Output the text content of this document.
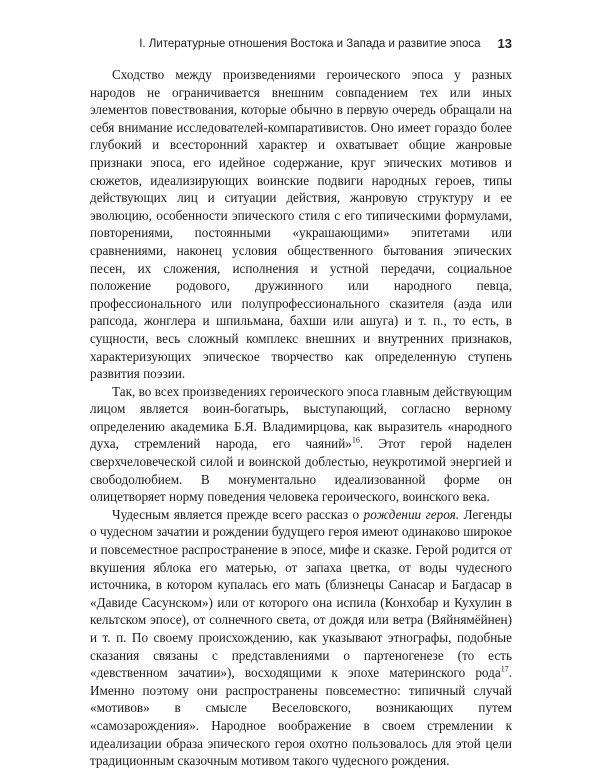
I. Литературные отношения Востока и Запада и развитие эпоса 13

Сходство между произведениями героического эпоса у разных народов не ограничивается внешним совпадением тех или иных элементов повествования, которые обычно в первую очередь обращали на себя внимание исследователей-компаративистов. Оно имеет гораздо более глубокий и всесторонний характер и охватывает общие жанровые признаки эпоса, его идейное содержание, круг эпических мотивов и сюжетов, идеализирующих воинские подвиги народных героев, типы действующих лиц и ситуации действия, жанровую структуру и ее эволюцию, особенности эпического стиля с его типическими формулами, повторениями, постоянными «украшающими» эпитетами или сравнениями, наконец условия общественного бытования эпических песен, их сложения, исполнения и устной передачи, социальное положение родового, дружинного или народного певца, профессионального или полупрофессионального сказителя (аэда или рапсода, жонглера и шпильмана, бахши или ашуга) и т. п., то есть, в сущности, весь сложный комплекс внешних и внутренних признаков, характеризующих эпическое творчество как определенную ступень развития поэзии.

Так, во всех произведениях героического эпоса главным действующим лицом является воин-богатырь, выступающий, согласно верному определению академика Б.Я. Владимирцова, как выразитель «народного духа, стремлений народа, его чаяний»$^{16}$. Этот герой наделен сверхчеловеческой силой и воинской доблестью, неукротимой энергией и свободолюбием. В монументально идеализованной форме он олицетворяет норму поведения человека героического, воинского века.

Чудесным является прежде всего рассказ о рождении героя. Легенды о чудесном зачатии и рождении будущего героя имеют одинаково широкое и повсеместное распространение в эпосе, мифе и сказке. Герой родится от вкушения яблока его матерью, от запаха цветка, от воды чудесного источника, в котором купалась его мать (близнецы Санасар и Багдасар в «Давиде Сасунском») или от которого она испила (Конхобар и Кухулин в кельтском эпосе), от солнечного света, от дождя или ветра (Вяйнямёйнен) и т. п. По своему происхождению, как указывают этнографы, подобные сказания связаны с представлениями о партеногенезе (то есть «девственном зачатии»), восходящими к эпохе материнского рода$^{17}$. Именно поэтому они распространены повсеместно: типичный случай «мотивов» в смысле Веселовского, возникающих путем «самозарождения». Народное воображение в своем стремлении к идеализации образа эпического героя охотно пользовалось для этой цели традиционным сказочным мотивом такого чудесного рождения.
